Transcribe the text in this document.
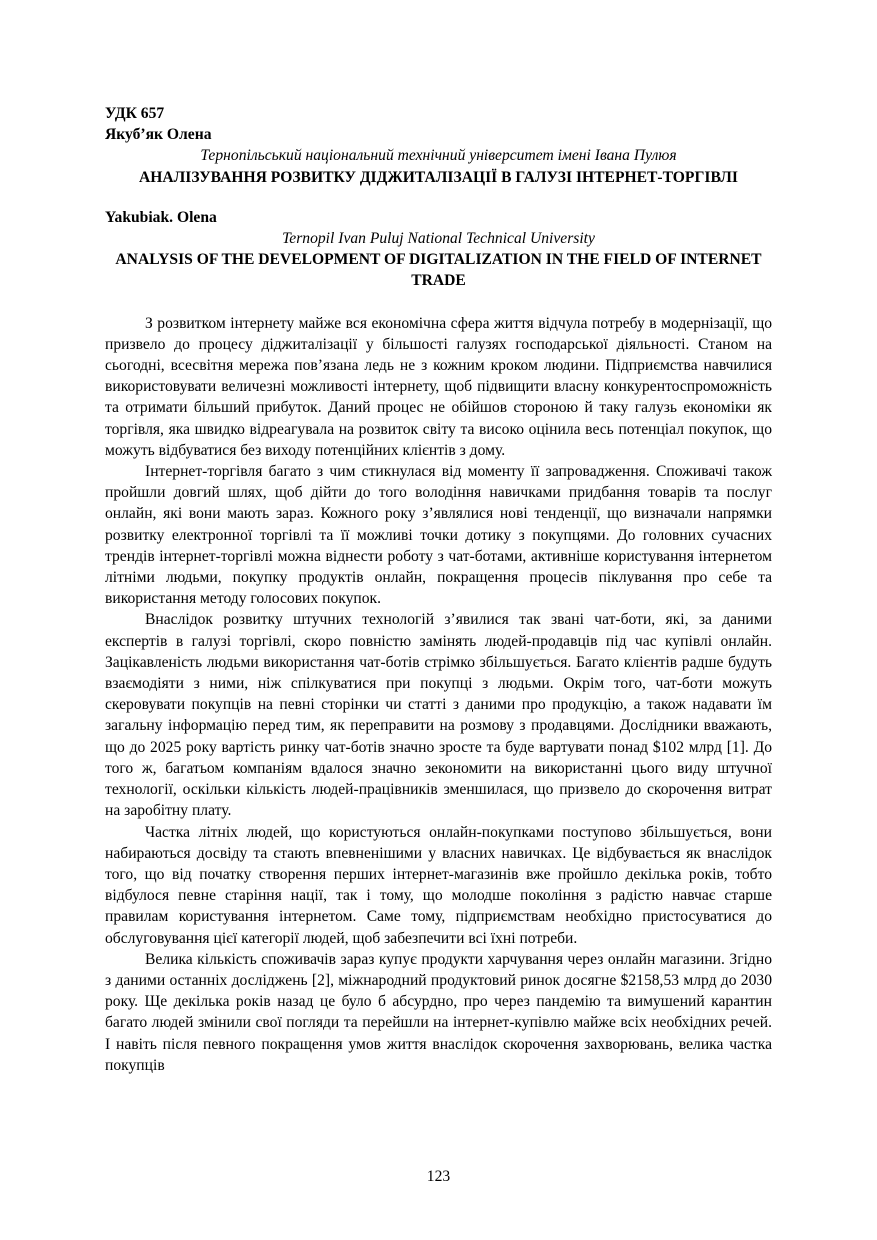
УДК 657
Якуб’як Олена
Тернопільський національний технічний університет імені Івана Пулюя
АНАЛІЗУВАННЯ РОЗВИТКУ ДІДЖИТАЛІЗАЦІЇ В ГАЛУЗІ ІНТЕРНЕТ-ТОРГІВЛІ
Yakubiak. Olena
Ternopil Ivan Puluj National Technical University
ANALYSIS OF THE DEVELOPMENT OF DIGITALIZATION IN THE FIELD OF INTERNET TRADE

З розвитком інтернету майже вся економічна сфера життя відчула потребу в модернізації, що призвело до процесу діджиталізації у більшості галузях господарської діяльності. Станом на сьогодні, всесвітня мережа пов’язана ледь не з кожним кроком людини. Підприємства навчилися використовувати величезні можливості інтернету, щоб підвищити власну конкурентоспроможність та отримати більший прибуток. Даний процес не обійшов стороною й таку галузь економіки як торгівля, яка швидко відреагувала на розвиток світу та високо оцінила весь потенціал покупок, що можуть відбуватися без виходу потенційних клієнтів з дому.

Інтернет-торгівля багато з чим стикнулася від моменту її запровадження. Споживачі також пройшли довгий шлях, щоб дійти до того володіння навичками придбання товарів та послуг онлайн, які вони мають зараз. Кожного року з’являлися нові тенденції, що визначали напрямки розвитку електронної торгівлі та її можливі точки дотику з покупцями. До головних сучасних трендів інтернет-торгівлі можна віднести роботу з чат-ботами, активніше користування інтернетом літніми людьми, покупку продуктів онлайн, покращення процесів піклування про себе та використання методу голосових покупок.

Внаслідок розвитку штучних технологій з’явилися так звані чат-боти, які, за даними експертів в галузі торгівлі, скоро повністю замінять людей-продавців під час купівлі онлайн. Зацікавленість людьми використання чат-ботів стрімко збільшується. Багато клієнтів радше будуть взаємодіяти з ними, ніж спілкуватися при покупці з людьми. Окрім того, чат-боти можуть скеровувати покупців на певні сторінки чи статті з даними про продукцію, а також надавати їм загальну інформацію перед тим, як переправити на розмову з продавцями. Дослідники вважають, що до 2025 року вартість ринку чат-ботів значно зросте та буде вартувати понад $102 млрд [1]. До того ж, багатьом компаніям вдалося значно зекономити на використанні цього виду штучної технології, оскільки кількість людей-працівників зменшилася, що призвело до скорочення витрат на заробітну плату.

Частка літніх людей, що користуються онлайн-покупками поступово збільшується, вони набираються досвіду та стають впевненішими у власних навичках. Це відбувається як внаслідок того, що від початку створення перших інтернет-магазинів вже пройшло декілька років, тобто відбулося певне старіння нації, так і тому, що молодше покоління з радістю навчає старше правилам користування інтернетом. Саме тому, підприємствам необхідно пристосуватися до обслуговування цієї категорії людей, щоб забезпечити всі їхні потреби.

Велика кількість споживачів зараз купує продукти харчування через онлайн магазини. Згідно з даними останніх досліджень [2], міжнародний продуктовий ринок досягне $2158,53 млрд до 2030 року. Ще декілька років назад це було б абсурдно, про через пандемію та вимушений карантин багато людей змінили свої погляди та перейшли на інтернет-купівлю майже всіх необхідних речей. І навіть після певного покращення умов життя внаслідок скорочення захворювань, велика частка покупців

123
